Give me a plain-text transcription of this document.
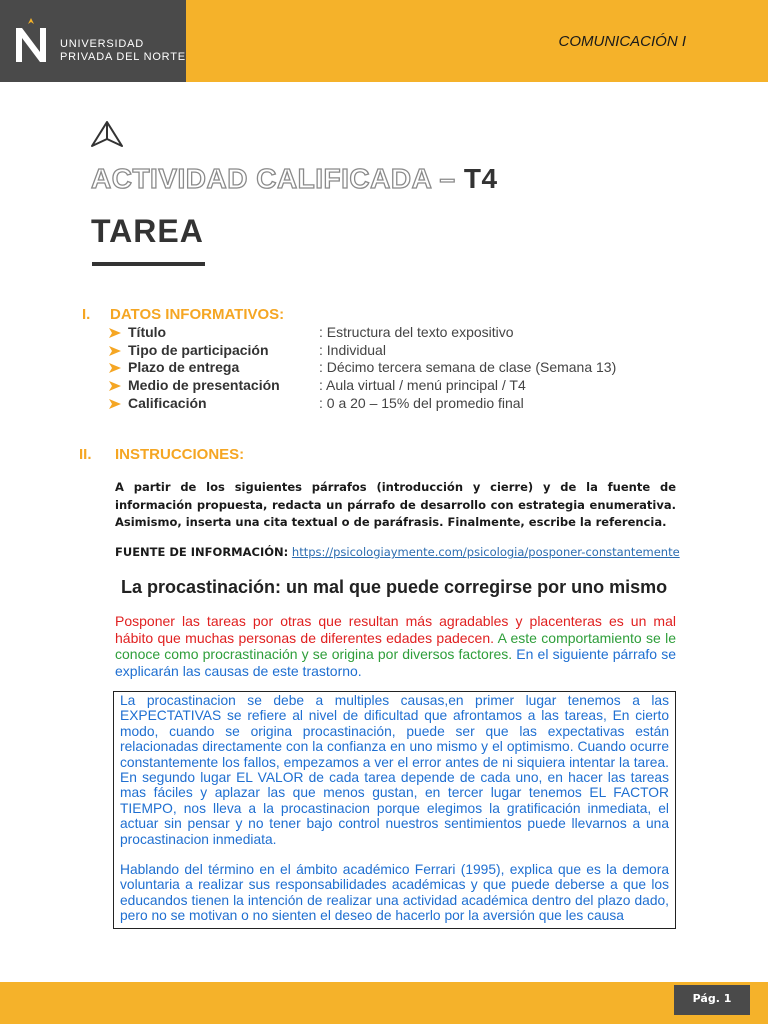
UNIVERSIDAD
PRIVADA DEL NORTE
COMUNICACIÓN I
ACTIVIDAD CALIFICADA – T4
TAREA
I. DATOS INFORMATIVOS:
Título	: Estructura del texto expositivo
Tipo de participación	: Individual
Plazo de entrega	: Décimo tercera semana de clase (Semana 13)
Medio de presentación	: Aula virtual / menú principal / T4
Calificación	: 0 a 20 – 15% del promedio final
II. INSTRUCCIONES:
A partir de los siguientes párrafos (introducción y cierre) y de la fuente de información propuesta, redacta un párrafo de desarrollo con estrategia enumerativa. Asimismo, inserta una cita textual o de paráfrasis. Finalmente, escribe la referencia.
FUENTE DE INFORMACIÓN: https://psicologiaymente.com/psicologia/posponer-constantemente
La procastinación: un mal que puede corregirse por uno mismo
Posponer las tareas por otras que resultan más agradables y placenteras es un mal hábito que muchas personas de diferentes edades padecen. A este comportamiento se le conoce como procrastinación y se origina por diversos factores. En el siguiente párrafo se explicarán las causas de este trastorno.

La procastinacion se debe a multiples causas,en primer lugar tenemos a las EXPECTATIVAS se refiere al nivel de dificultad que afrontamos a las tareas, En cierto modo, cuando se origina procastinación, puede ser que las expectativas están relacionadas directamente con la confianza en uno mismo y el optimismo. Cuando ocurre constantemente los fallos, empezamos a ver el error antes de ni siquiera intentar la tarea. En segundo lugar EL VALOR de cada tarea depende de cada uno, en hacer las tareas mas fáciles y aplazar las que menos gustan, en tercer lugar tenemos EL FACTOR TIEMPO, nos lleva a la procastinacion porque elegimos la gratificación inmediata, el actuar sin pensar y no tener bajo control nuestros sentimientos puede llevarnos a una procastinacion inmediata.

Hablando del término en el ámbito académico Ferrari (1995), explica que es la demora voluntaria a realizar sus responsabilidades académicas y que puede deberse a que los educandos tienen la intención de realizar una actividad académica dentro del plazo dado, pero no se motivan o no sienten el deseo de hacerlo por la aversión que les causa

Pág. 1
